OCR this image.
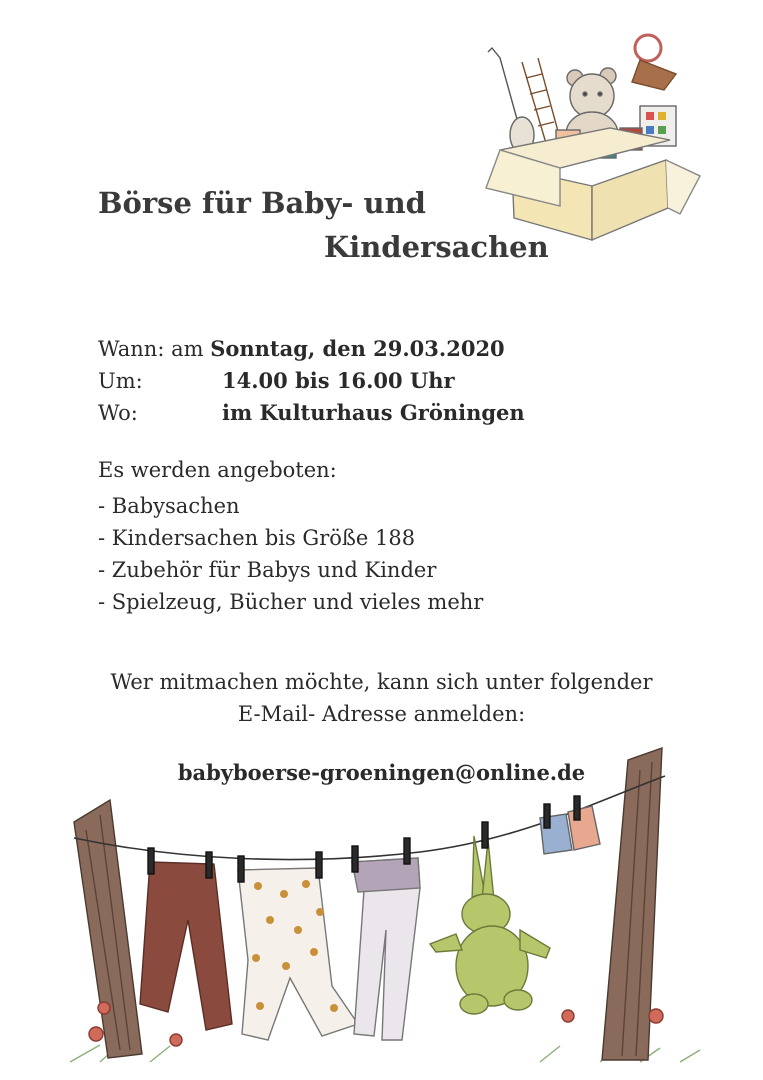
Börse für Baby- und
Kindersachen
Wann: am Sonntag, den 29.03.2020
Um:	14.00 bis 16.00 Uhr
Wo:	im Kulturhaus Gröningen
Es werden angeboten:
- Babysachen
- Kindersachen bis Größe 188
- Zubehör für Babys und Kinder
- Spielzeug, Bücher und vieles mehr
Wer mitmachen möchte, kann sich unter folgender
E-Mail- Adresse anmelden:
babyboerse-groeningen@online.de
